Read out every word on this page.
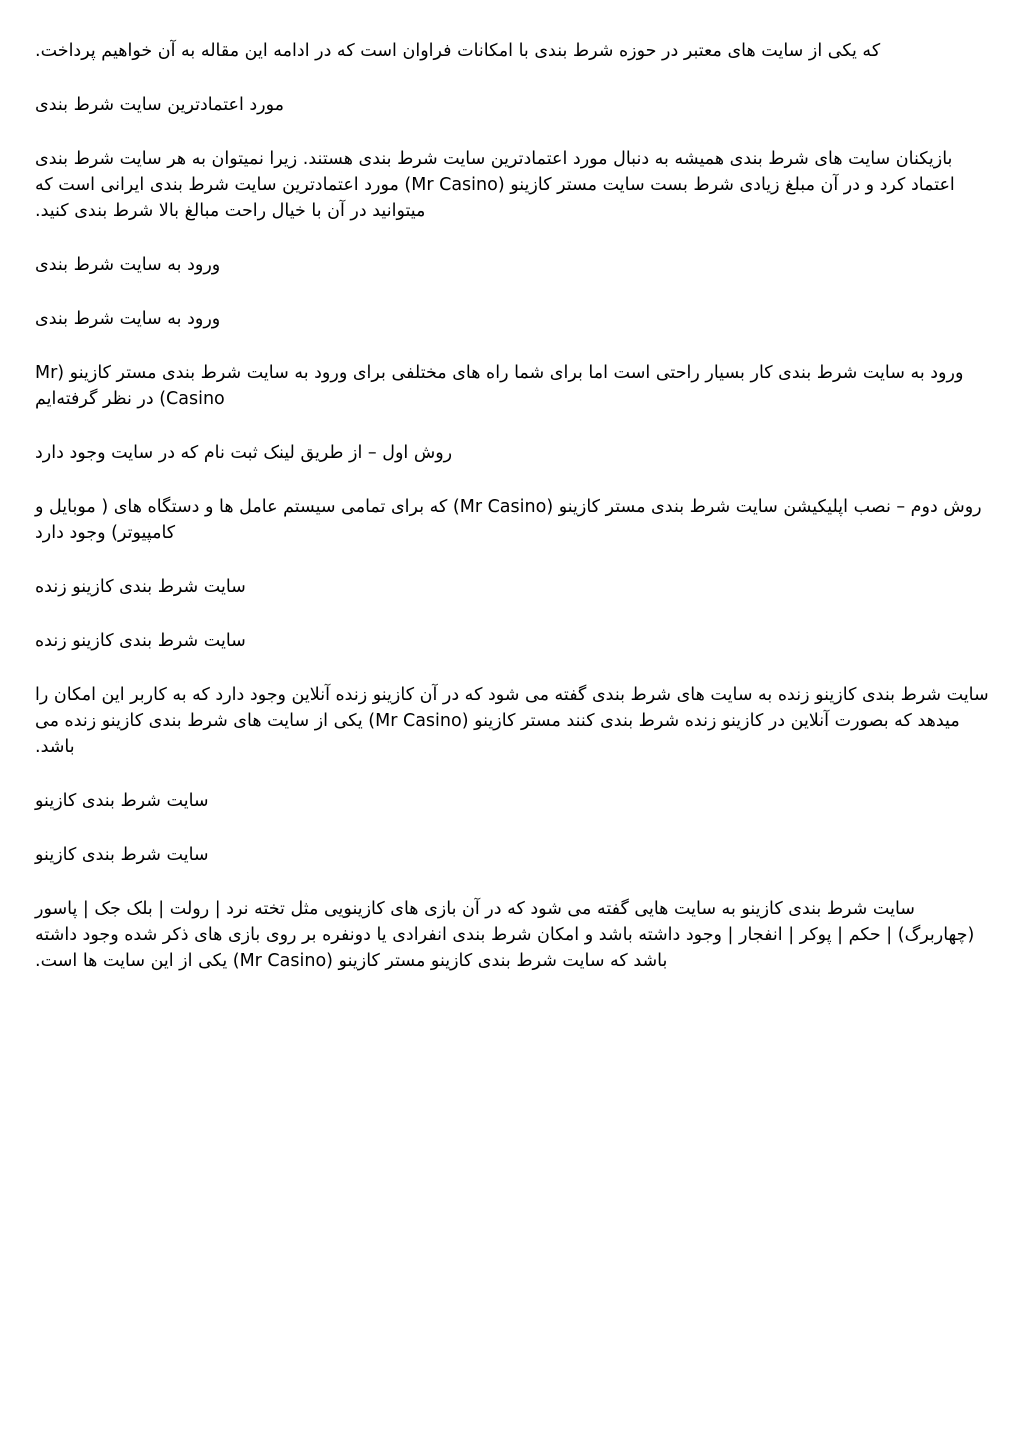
که یکی از سایت های معتبر در حوزه شرط بندی با امکانات فراوان است که در ادامه این مقاله به آن خواهیم پرداخت.

مورد اعتمادترین سایت شرط بندی

بازیکنان سایت های شرط بندی همیشه به دنبال مورد اعتمادترین سایت شرط بندی هستند. زیرا نمیتوان به هر سایت شرط بندی اعتماد کرد و در آن مبلغ زیادی شرط بست سایت مستر کازینو (Mr Casino) مورد اعتمادترین سایت شرط بندی ایرانی است که میتوانید در آن با خیال راحت مبالغ بالا شرط بندی کنید.

ورود به سایت شرط بندی

ورود به سایت شرط بندی

ورود به سایت شرط بندی کار بسیار راحتی است اما برای شما راه های مختلفی برای ورود به سایت شرط بندی مستر کازینو (Mr Casino) در نظر گرفته‌ایم

روش اول – از طریق لینک ثبت نام که در سایت وجود دارد

روش دوم – نصب اپلیکیشن سایت شرط بندی مستر کازینو (Mr Casino) که برای تمامی سیستم عامل ها و دستگاه های ( موبایل و کامپیوتر) وجود دارد

سایت شرط بندی کازینو زنده

سایت شرط بندی کازینو زنده

سایت شرط بندی کازینو زنده به سایت های شرط بندی گفته می شود که در آن کازینو زنده آنلاین وجود دارد که به کاربر این امکان را میدهد که بصورت آنلاین در کازینو زنده شرط بندی کنند مستر کازینو (Mr Casino) یکی از سایت های شرط بندی کازینو زنده می باشد.

سایت شرط بندی کازینو

سایت شرط بندی کازینو

سایت شرط بندی کازینو به سایت هایی گفته می شود که در آن بازی های کازینویی مثل تخته نرد | رولت | بلک جک | پاسور (چهاربرگ) | حکم | پوکر | انفجار | وجود داشته باشد و امکان شرط بندی انفرادی یا دونفره بر روی بازی های ذکر شده وجود داشته باشد که سایت شرط بندی کازینو مستر کازینو (Mr Casino) یکی از این سایت ها است.
